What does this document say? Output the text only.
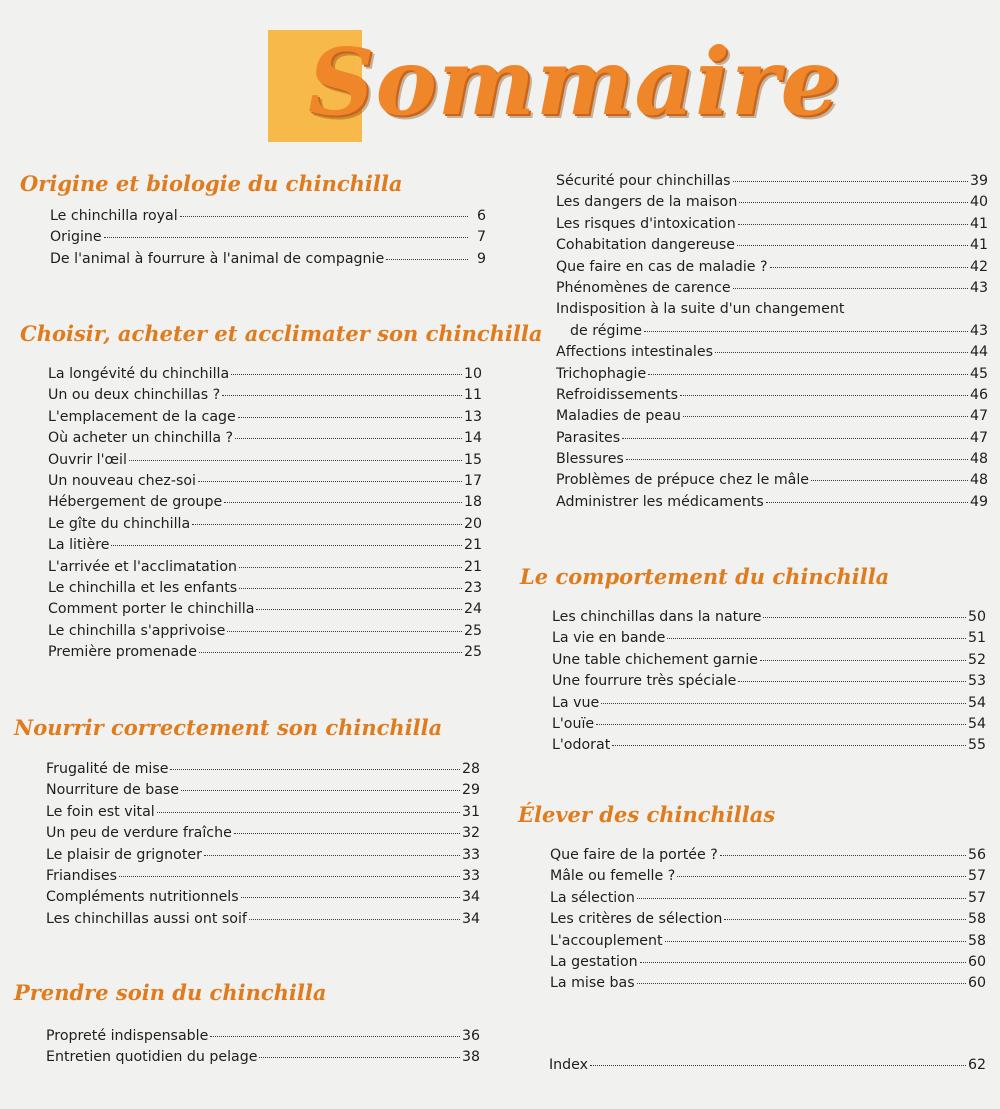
Sommaire
Origine et biologie du chinchilla
Le chinchilla royal	6
Origine	7
De l'animal à fourrure à l'animal de compagnie	9
Choisir, acheter et acclimater son chinchilla
La longévité du chinchilla	10
Un ou deux chinchillas ?	11
L'emplacement de la cage	13
Où acheter un chinchilla ?	14
Ouvrir l'œil	15
Un nouveau chez-soi	17
Hébergement de groupe	18
Le gîte du chinchilla	20
La litière	21
L'arrivée et l'acclimatation	21
Le chinchilla et les enfants	23
Comment porter le chinchilla	24
Le chinchilla s'apprivoise	25
Première promenade	25
Nourrir correctement son chinchilla
Frugalité de mise	28
Nourriture de base	29
Le foin est vital	31
Un peu de verdure fraîche	32
Le plaisir de grignoter	33
Friandises	33
Compléments nutritionnels	34
Les chinchillas aussi ont soif	34
Prendre soin du chinchilla
Propreté indispensable	36
Entretien quotidien du pelage	38
Sécurité pour chinchillas	39
Les dangers de la maison	40
Les risques d'intoxication	41
Cohabitation dangereuse	41
Que faire en cas de maladie ?	42
Phénomènes de carence	43
Indisposition à la suite d'un changement
de régime	43
Affections intestinales	44
Trichophagie	45
Refroidissements	46
Maladies de peau	47
Parasites	47
Blessures	48
Problèmes de prépuce chez le mâle	48
Administrer les médicaments	49
Le comportement du chinchilla
Les chinchillas dans la nature	50
La vie en bande	51
Une table chichement garnie	52
Une fourrure très spéciale	53
La vue	54
L'ouïe	54
L'odorat	55
Élever des chinchillas
Que faire de la portée ?	56
Mâle ou femelle ?	57
La sélection	57
Les critères de sélection	58
L'accouplement	58
La gestation	60
La mise bas	60
Index	62
